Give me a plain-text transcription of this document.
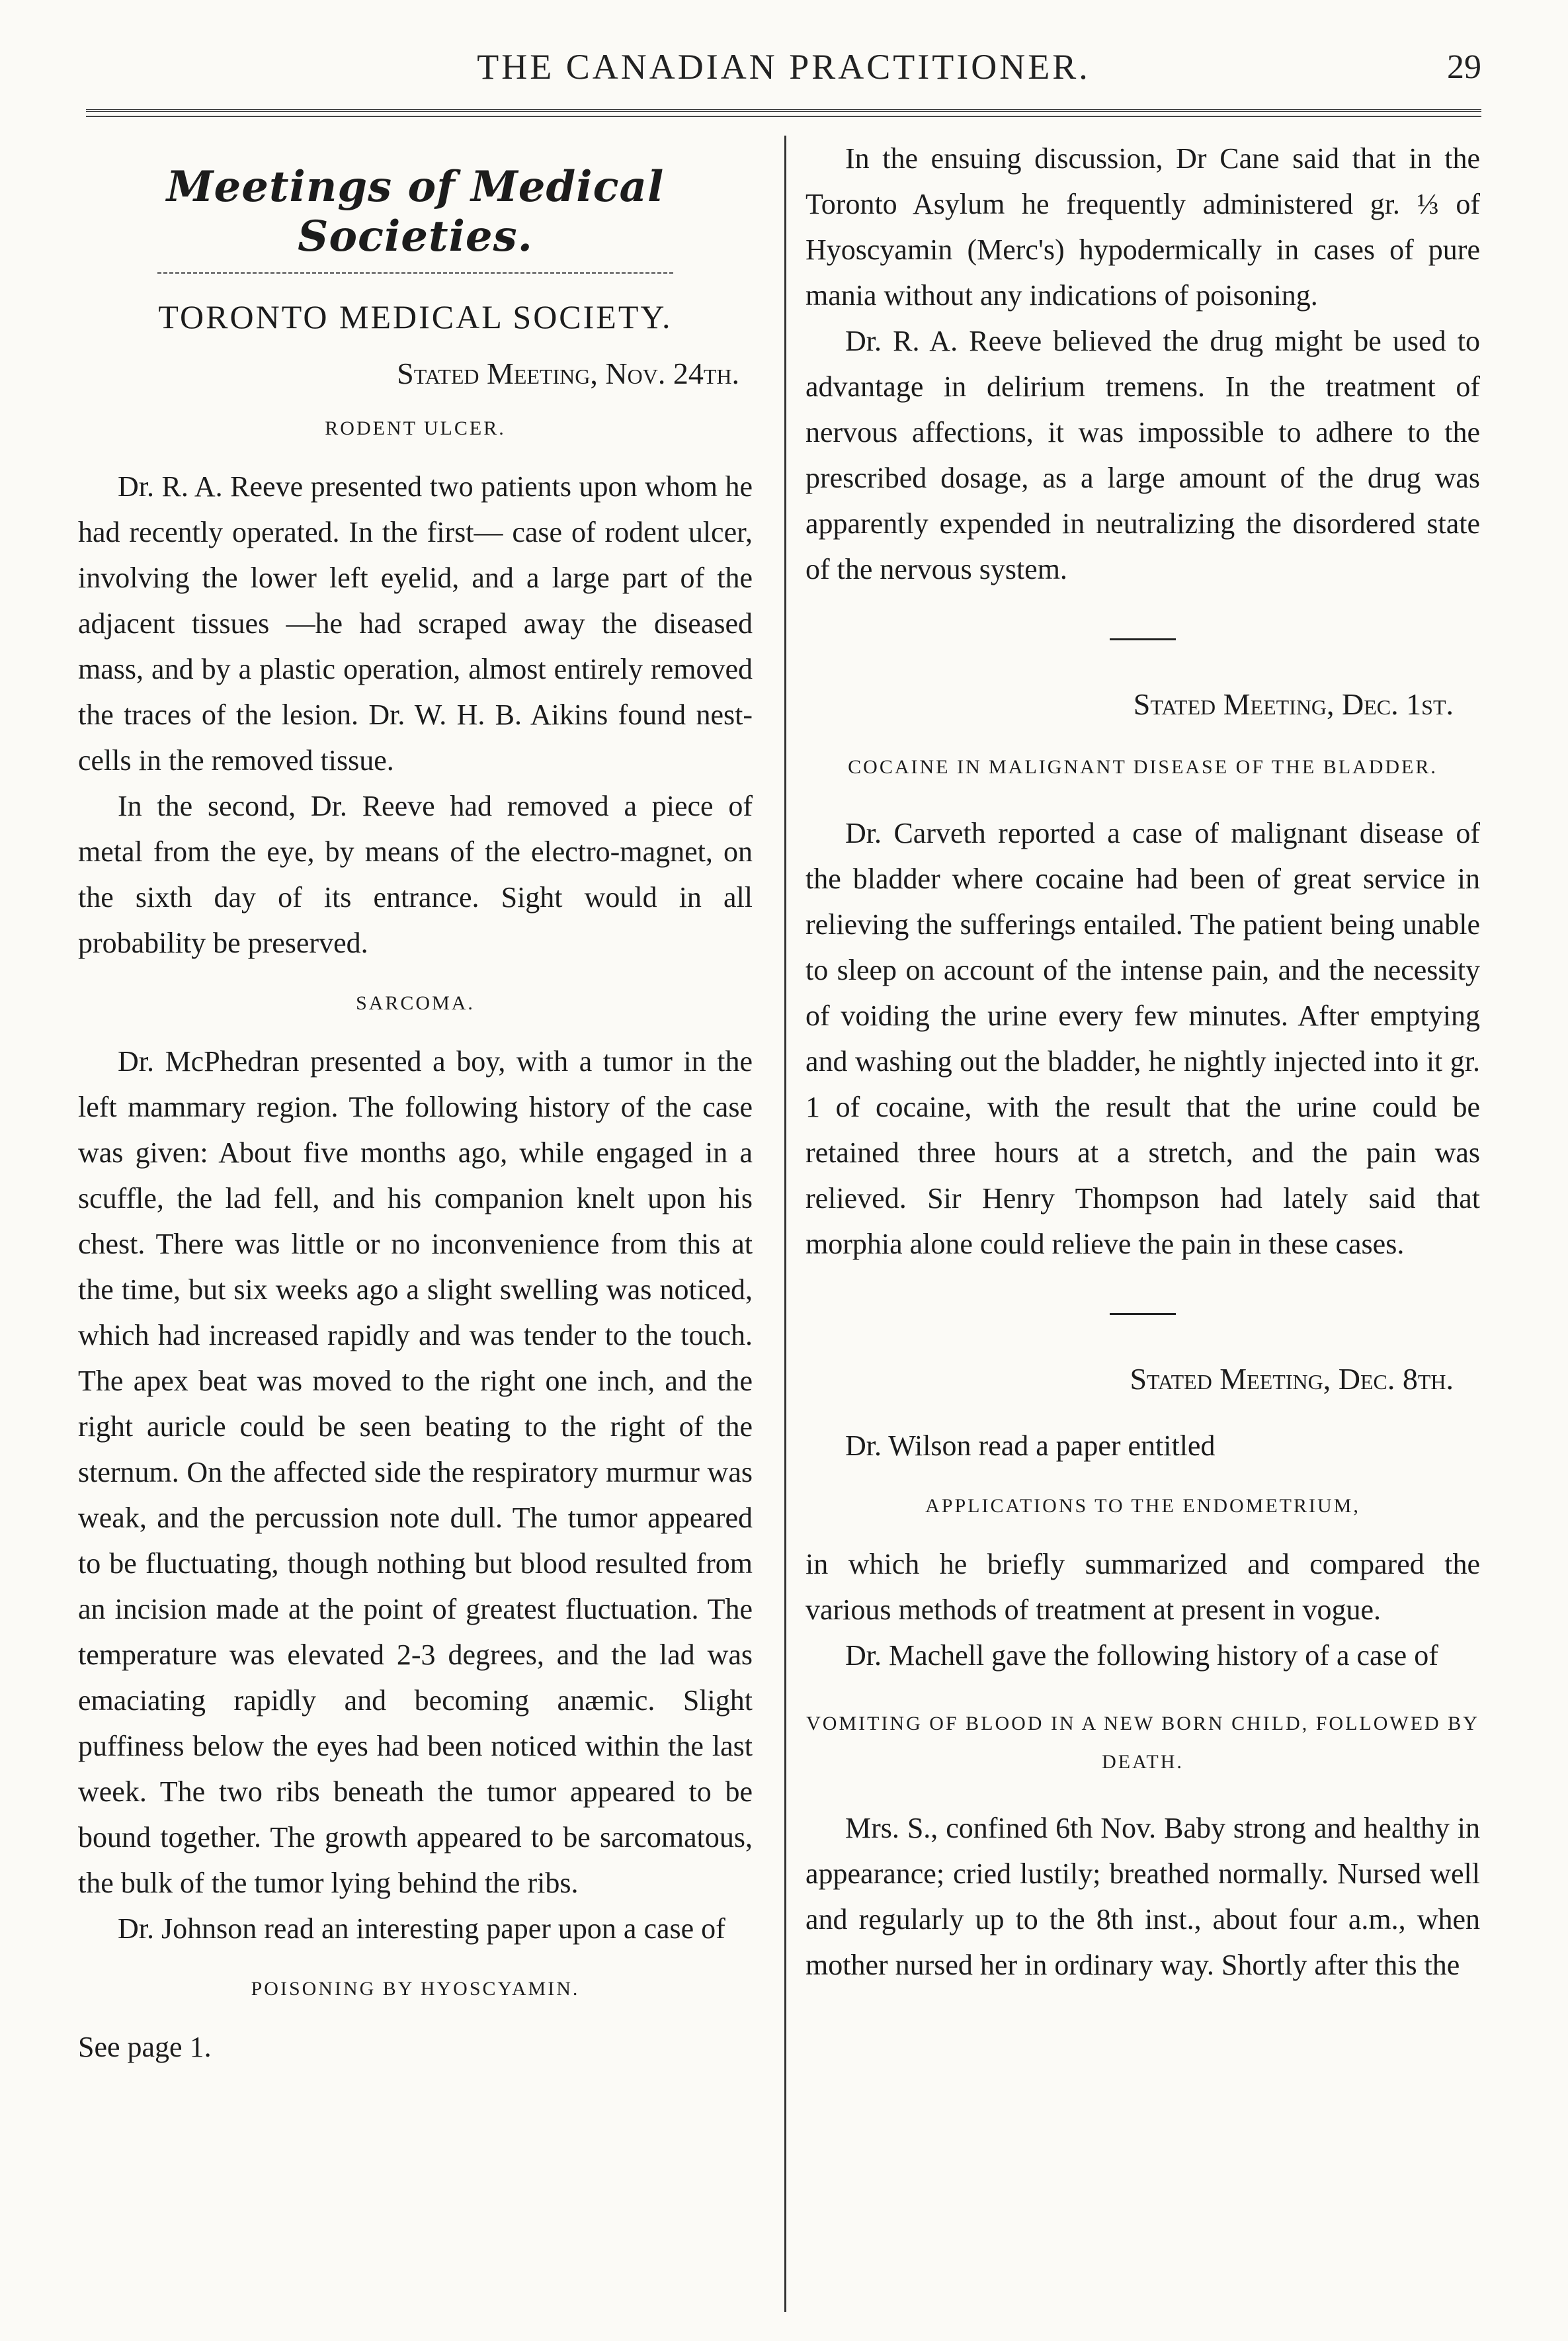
THE CANADIAN PRACTITIONER.	29
Meetings of Medical Societies.
TORONTO MEDICAL SOCIETY.
Stated Meeting, Nov. 24th.
RODENT ULCER.

Dr. R. A. Reeve presented two patients upon whom he had recently operated. In the first— case of rodent ulcer, involving the lower left eyelid, and a large part of the adjacent tissues —he had scraped away the diseased mass, and by a plastic operation, almost entirely removed the traces of the lesion. Dr. W. H. B. Aikins found nest-cells in the removed tissue.

In the second, Dr. Reeve had removed a piece of metal from the eye, by means of the electro-magnet, on the sixth day of its entrance. Sight would in all probability be preserved.

SARCOMA.

Dr. McPhedran presented a boy, with a tumor in the left mammary region. The following history of the case was given: About five months ago, while engaged in a scuffle, the lad fell, and his companion knelt upon his chest. There was little or no inconvenience from this at the time, but six weeks ago a slight swelling was noticed, which had increased rapidly and was tender to the touch. The apex beat was moved to the right one inch, and the right auricle could be seen beating to the right of the sternum. On the affected side the respiratory murmur was weak, and the percussion note dull. The tumor appeared to be fluctuating, though nothing but blood resulted from an incision made at the point of greatest fluctuation. The temperature was elevated 2-3 degrees, and the lad was emaciating rapidly and becoming anæmic. Slight puffiness below the eyes had been noticed within the last week. The two ribs beneath the tumor appeared to be bound together. The growth appeared to be sarcomatous, the bulk of the tumor lying behind the ribs.

Dr. Johnson read an interesting paper upon a case of

POISONING BY HYOSCYAMIN.

See page 1.

In the ensuing discussion, Dr Cane said that in the Toronto Asylum he frequently administered gr. ⅓ of Hyoscyamin (Merc's) hypodermically in cases of pure mania without any indications of poisoning.

Dr. R. A. Reeve believed the drug might be used to advantage in delirium tremens. In the treatment of nervous affections, it was impossible to adhere to the prescribed dosage, as a large amount of the drug was apparently expended in neutralizing the disordered state of the nervous system.

Stated Meeting, Dec. 1st.
COCAINE IN MALIGNANT DISEASE OF THE BLADDER.

Dr. Carveth reported a case of malignant disease of the bladder where cocaine had been of great service in relieving the sufferings entailed. The patient being unable to sleep on account of the intense pain, and the necessity of voiding the urine every few minutes. After emptying and washing out the bladder, he nightly injected into it gr. 1 of cocaine, with the result that the urine could be retained three hours at a stretch, and the pain was relieved. Sir Henry Thompson had lately said that morphia alone could relieve the pain in these cases.

Stated Meeting, Dec. 8th.

Dr. Wilson read a paper entitled

APPLICATIONS TO THE ENDOMETRIUM,

in which he briefly summarized and compared the various methods of treatment at present in vogue.

Dr. Machell gave the following history of a case of

VOMITING OF BLOOD IN A NEW BORN CHILD, FOLLOWED BY DEATH.

Mrs. S., confined 6th Nov. Baby strong and healthy in appearance; cried lustily; breathed normally. Nursed well and regularly up to the 8th inst., about four a.m., when mother nursed her in ordinary way. Shortly after this the
